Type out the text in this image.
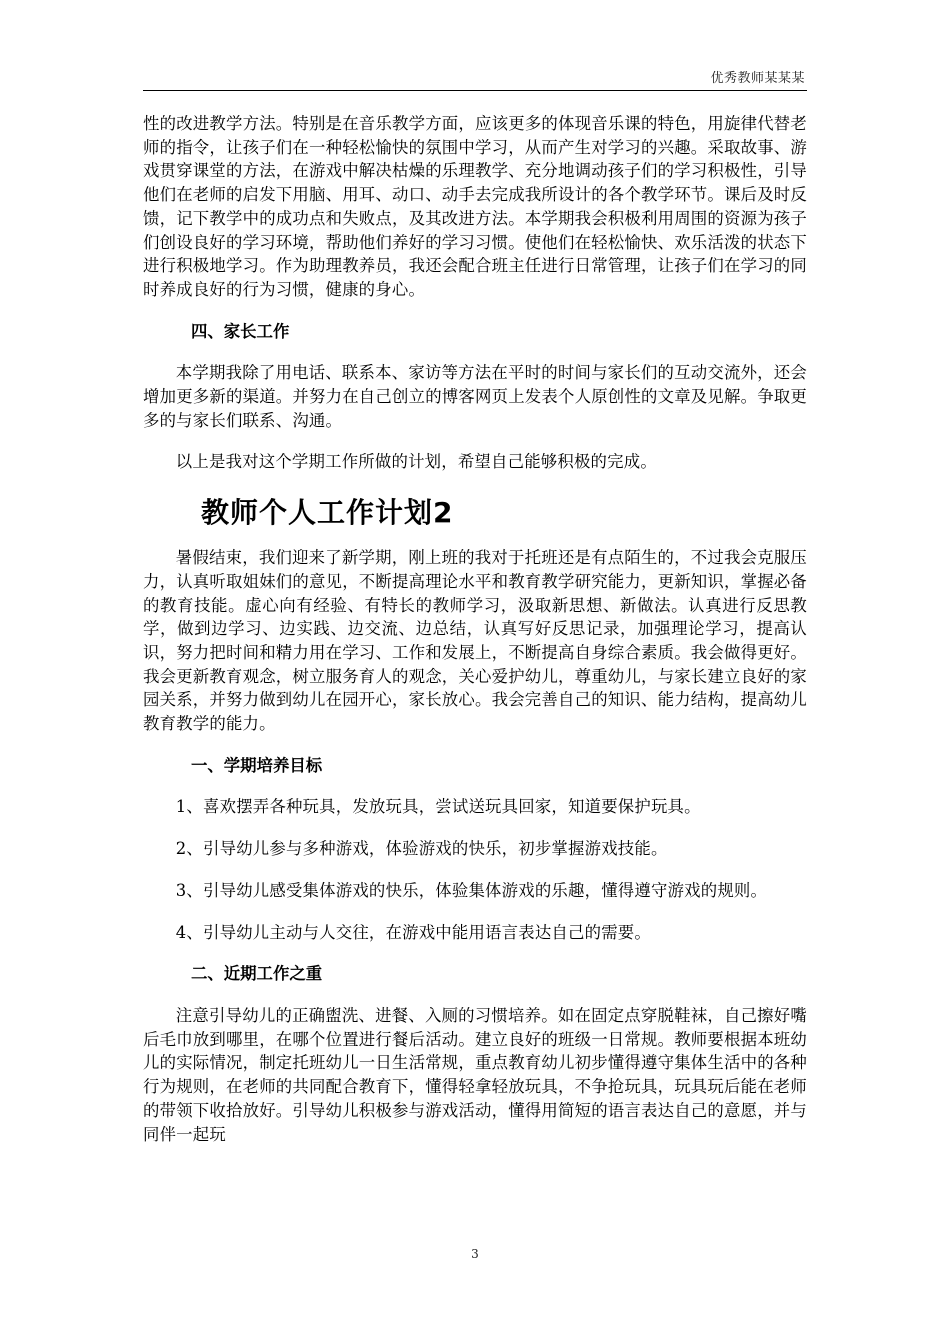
优秀教师某某某

性的改进教学方法。特别是在音乐教学方面，应该更多的体现音乐课的特色，用旋律代替老师的指令，让孩子们在一种轻松愉快的氛围中学习，从而产生对学习的兴趣。采取故事、游戏贯穿课堂的方法，在游戏中解决枯燥的乐理教学、充分地调动孩子们的学习积极性，引导他们在老师的启发下用脑、用耳、动口、动手去完成我所设计的各个教学环节。课后及时反馈，记下教学中的成功点和失败点，及其改进方法。本学期我会积极利用周围的资源为孩子们创设良好的学习环境，帮助他们养好的学习习惯。使他们在轻松愉快、欢乐活泼的状态下进行积极地学习。作为助理教养员，我还会配合班主任进行日常管理，让孩子们在学习的同时养成良好的行为习惯，健康的身心。

四、家长工作

本学期我除了用电话、联系本、家访等方法在平时的时间与家长们的互动交流外，还会增加更多新的渠道。并努力在自己创立的博客网页上发表个人原创性的文章及见解。争取更多的与家长们联系、沟通。

以上是我对这个学期工作所做的计划，希望自己能够积极的完成。

教师个人工作计划2

暑假结束，我们迎来了新学期，刚上班的我对于托班还是有点陌生的，不过我会克服压力，认真听取姐妹们的意见，不断提高理论水平和教育教学研究能力，更新知识，掌握必备的教育技能。虚心向有经验、有特长的教师学习，汲取新思想、新做法。认真进行反思教学，做到边学习、边实践、边交流、边总结，认真写好反思记录，加强理论学习，提高认识，努力把时间和精力用在学习、工作和发展上，不断提高自身综合素质。我会做得更好。我会更新教育观念，树立服务育人的观念，关心爱护幼儿，尊重幼儿，与家长建立良好的家园关系，并努力做到幼儿在园开心，家长放心。我会完善自己的知识、能力结构，提高幼儿教育教学的能力。

一、学期培养目标

1、喜欢摆弄各种玩具，发放玩具，尝试送玩具回家，知道要保护玩具。

2、引导幼儿参与多种游戏，体验游戏的快乐，初步掌握游戏技能。

3、引导幼儿感受集体游戏的快乐，体验集体游戏的乐趣，懂得遵守游戏的规则。

4、引导幼儿主动与人交往，在游戏中能用语言表达自己的需要。

二、近期工作之重

注意引导幼儿的正确盥洗、进餐、入厕的习惯培养。如在固定点穿脱鞋袜，自己擦好嘴后毛巾放到哪里，在哪个位置进行餐后活动。建立良好的班级一日常规。教师要根据本班幼儿的实际情况，制定托班幼儿一日生活常规，重点教育幼儿初步懂得遵守集体生活中的各种行为规则，在老师的共同配合教育下，懂得轻拿轻放玩具，不争抢玩具，玩具玩后能在老师的带领下收拾放好。引导幼儿积极参与游戏活动，懂得用简短的语言表达自己的意愿，并与同伴一起玩

3
